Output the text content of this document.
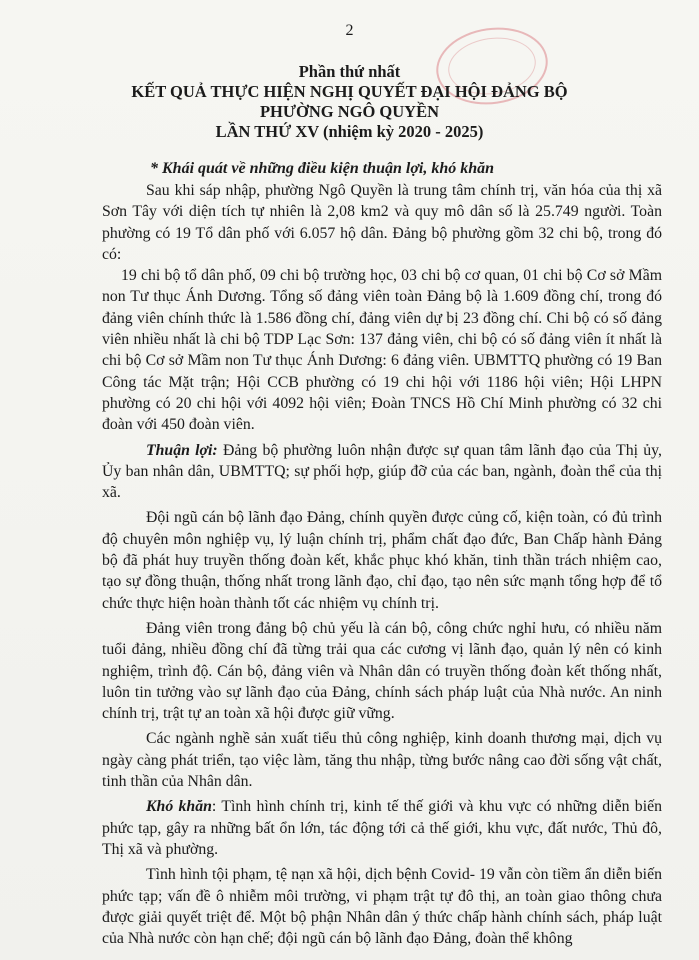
2
Phần thứ nhất
KẾT QUẢ THỰC HIỆN NGHỊ QUYẾT ĐẠI HỘI ĐẢNG BỘ
PHƯỜNG NGÔ QUYỀN
LẦN THỨ XV (nhiệm kỳ 2020 - 2025)
* Khái quát về những điều kiện thuận lợi, khó khăn

Sau khi sáp nhập, phường Ngô Quyền là trung tâm chính trị, văn hóa của thị xã Sơn Tây với diện tích tự nhiên là 2,08 km2 và quy mô dân số là 25.749 người. Toàn phường có 19 Tổ dân phố với 6.057 hộ dân. Đảng bộ phường gồm 32 chi bộ, trong đó có:

19 chi bộ tổ dân phố, 09 chi bộ trường học, 03 chi bộ cơ quan, 01 chi bộ Cơ sở Mầm non Tư thục Ánh Dương. Tổng số đảng viên toàn Đảng bộ là 1.609 đồng chí, trong đó đảng viên chính thức là 1.586 đồng chí, đảng viên dự bị 23 đồng chí. Chi bộ có số đảng viên nhiều nhất là chi bộ TDP Lạc Sơn: 137 đảng viên, chi bộ có số đảng viên ít nhất là chi bộ Cơ sở Mầm non Tư thục Ánh Dương: 6 đảng viên. UBMTTQ phường có 19 Ban Công tác Mặt trận; Hội CCB phường có 19 chi hội với 1186 hội viên; Hội LHPN phường có 20 chi hội với 4092 hội viên; Đoàn TNCS Hồ Chí Minh phường có 32 chi đoàn với 450 đoàn viên.

Thuận lợi: Đảng bộ phường luôn nhận được sự quan tâm lãnh đạo của Thị ủy, Ủy ban nhân dân, UBMTTQ; sự phối hợp, giúp đỡ của các ban, ngành, đoàn thể của thị xã.

Đội ngũ cán bộ lãnh đạo Đảng, chính quyền được củng cố, kiện toàn, có đủ trình độ chuyên môn nghiệp vụ, lý luận chính trị, phẩm chất đạo đức, Ban Chấp hành Đảng bộ đã phát huy truyền thống đoàn kết, khắc phục khó khăn, tinh thần trách nhiệm cao, tạo sự đồng thuận, thống nhất trong lãnh đạo, chỉ đạo, tạo nên sức mạnh tổng hợp để tổ chức thực hiện hoàn thành tốt các nhiệm vụ chính trị.

Đảng viên trong đảng bộ chủ yếu là cán bộ, công chức nghỉ hưu, có nhiều năm tuổi đảng, nhiều đồng chí đã từng trải qua các cương vị lãnh đạo, quản lý nên có kinh nghiệm, trình độ. Cán bộ, đảng viên và Nhân dân có truyền thống đoàn kết thống nhất, luôn tin tưởng vào sự lãnh đạo của Đảng, chính sách pháp luật của Nhà nước. An ninh chính trị, trật tự an toàn xã hội được giữ vững.

Các ngành nghề sản xuất tiểu thủ công nghiệp, kinh doanh thương mại, dịch vụ ngày càng phát triển, tạo việc làm, tăng thu nhập, từng bước nâng cao đời sống vật chất, tinh thần của Nhân dân.

Khó khăn: Tình hình chính trị, kinh tế thế giới và khu vực có những diễn biến phức tạp, gây ra những bất ổn lớn, tác động tới cả thế giới, khu vực, đất nước, Thủ đô, Thị xã và phường.

Tình hình tội phạm, tệ nạn xã hội, dịch bệnh Covid- 19 vẫn còn tiềm ẩn diễn biến phức tạp; vấn đề ô nhiễm môi trường, vi phạm trật tự đô thị, an toàn giao thông chưa được giải quyết triệt để. Một bộ phận Nhân dân ý thức chấp hành chính sách, pháp luật của Nhà nước còn hạn chế; đội ngũ cán bộ lãnh đạo Đảng, đoàn thể không
